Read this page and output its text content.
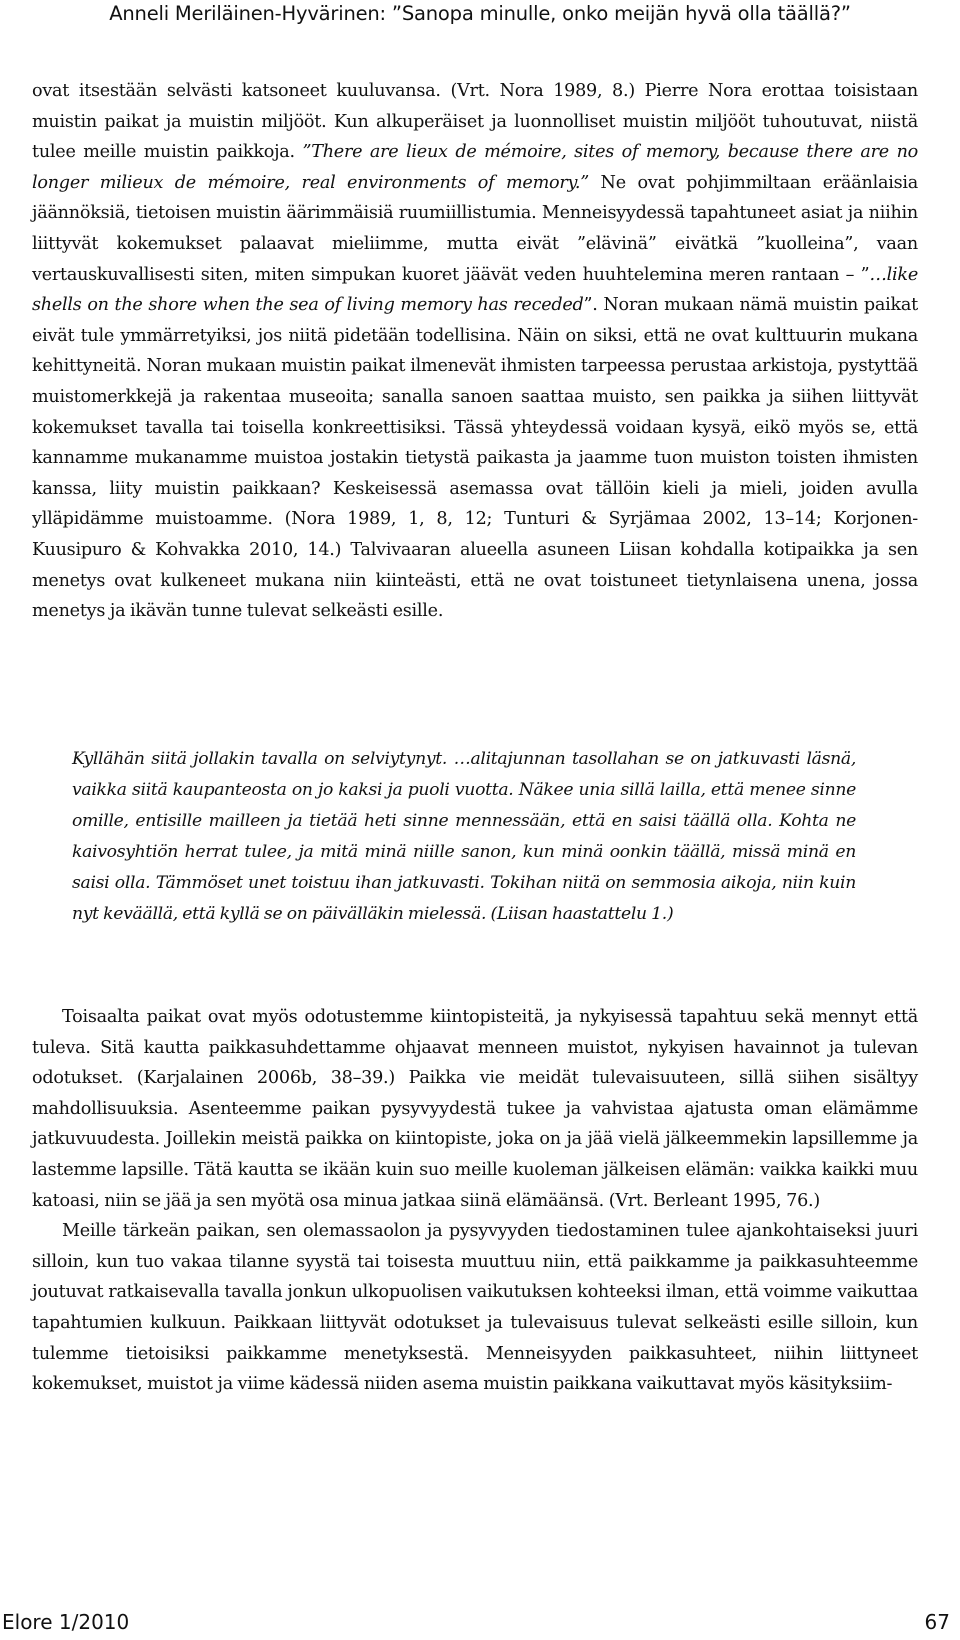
Anneli Meriläinen-Hyvärinen: ”Sanopa minulle, onko meijän hyvä olla täällä?”

ovat itsestään selvästi katsoneet kuuluvansa. (Vrt. Nora 1989, 8.) Pierre Nora erottaa toisistaan muistin paikat ja muistin miljööt. Kun alkuperäiset ja luonnolliset muistin miljööt tuhoutuvat, niistä tulee meille muistin paikkoja. ”There are lieux de mémoire, sites of memory, because there are no longer milieux de mémoire, real environments of memory.” Ne ovat pohjimmiltaan eräänlaisia jäännöksiä, tietoisen muistin äärimmäisiä ruumiillistumia. Menneisyydessä tapahtuneet asiat ja niihin liittyvät kokemukset palaavat mieliimme, mutta eivät ”elävinä” eivätkä ”kuolleina”, vaan vertauskuvallisesti siten, miten simpukan kuoret jäävät veden huuhtelemina meren rantaan – ”…like shells on the shore when the sea of living memory has receded”. Noran mukaan nämä muistin paikat eivät tule ymmärretyiksi, jos niitä pidetään todellisina. Näin on siksi, että ne ovat kulttuurin mukana kehittyneitä. Noran mukaan muistin paikat ilmenevät ihmisten tarpeessa perustaa arkistoja, pystyttää muistomerkkejä ja rakentaa museoita; sanalla sanoen saattaa muisto, sen paikka ja siihen liittyvät kokemukset tavalla tai toisella konkreettisiksi. Tässä yhteydessä voidaan kysyä, eikö myös se, että kannamme mukanamme muistoa jostakin tietystä paikasta ja jaamme tuon muiston toisten ihmisten kanssa, liity muistin paikkaan? Keskeisessä asemassa ovat tällöin kieli ja mieli, joiden avulla ylläpidämme muistoamme. (Nora 1989, 1, 8, 12; Tunturi & Syrjämaa 2002, 13–14; Korjonen-Kuusipuro & Kohvakka 2010, 14.) Talvivaaran alueella asuneen Liisan kohdalla kotipaikka ja sen menetys ovat kulkeneet mukana niin kiinteästi, että ne ovat toistuneet tietynlaisena unena, jossa menetys ja ikävän tunne tulevat selkeästi esille.

Kyllähän siitä jollakin tavalla on selviytynyt. …alitajunnan tasollahan se on jatkuvasti läsnä, vaikka siitä kaupanteosta on jo kaksi ja puoli vuotta. Näkee unia sillä lailla, että menee sinne omille, entisille mailleen ja tietää heti sinne mennessään, että en saisi täällä olla. Kohta ne kaivosyhtiön herrat tulee, ja mitä minä niille sanon, kun minä oonkin täällä, missä minä en saisi olla. Tämmöset unet toistuu ihan jatkuvasti. Tokihan niitä on semmosia aikoja, niin kuin nyt keväällä, että kyllä se on päivälläkin mielessä. (Liisan haastattelu 1.)

Toisaalta paikat ovat myös odotustemme kiintopisteitä, ja nykyisessä tapahtuu sekä mennyt että tuleva. Sitä kautta paikkasuhdettamme ohjaavat menneen muistot, nykyisen havainnot ja tulevan odotukset. (Karjalainen 2006b, 38–39.) Paikka vie meidät tulevaisuuteen, sillä siihen sisältyy mahdollisuuksia. Asenteemme paikan pysyvyydestä tukee ja vahvistaa ajatusta oman elämämme jatkuvuudesta. Joillekin meistä paikka on kiintopiste, joka on ja jää vielä jälkeemmekin lapsillemme ja lastemme lapsille. Tätä kautta se ikään kuin suo meille kuoleman jälkeisen elämän: vaikka kaikki muu katoasi, niin se jää ja sen myötä osa minua jatkaa siinä elämäänsä. (Vrt. Berleant 1995, 76.)

Meille tärkeän paikan, sen olemassaolon ja pysyvyyden tiedostaminen tulee ajankohtaiseksi juuri silloin, kun tuo vakaa tilanne syystä tai toisesta muuttuu niin, että paikkamme ja paikkasuhteemme joutuvat ratkaisevalla tavalla jonkun ulkopuolisen vaikutuksen kohteeksi ilman, että voimme vaikuttaa tapahtumien kulkuun. Paikkaan liittyvät odotukset ja tulevaisuus tulevat selkeästi esille silloin, kun tulemme tietoisiksi paikkamme menetyksestä. Menneisyyden paikkasuhteet, niihin liittyneet kokemukset, muistot ja viime kädessä niiden asema muistin paikkana vaikuttavat myös käsityksiim-

Elore 1/2010	67
